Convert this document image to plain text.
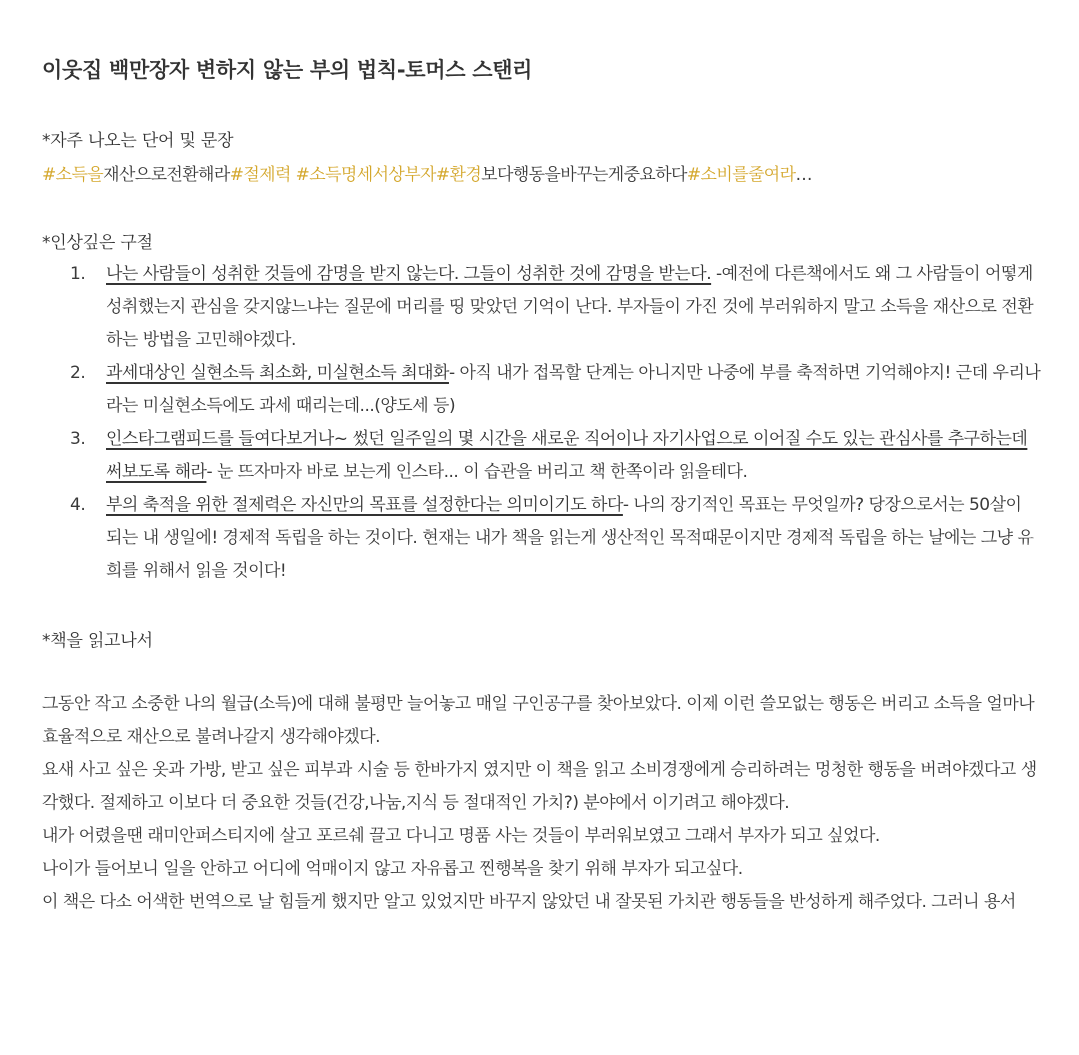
이웃집 백만장자 변하지 않는 부의 법칙-토머스 스탠리
*자주 나오는 단어 및 문장
#소득을재산으로전환해라#절제력 #소득명세서상부자#환경보다행동을바꾸는게중요하다#소비를줄여라…
*인상깊은 구절
1. 나는 사람들이 성취한 것들에 감명을 받지 않는다. 그들이 성취한 것에 감명을 받는다. -예전에 다른책에서도 왜 그 사람들이 어떻게 성취했는지 관심을 갖지않느냐는 질문에 머리를 띵 맞았던 기억이 난다. 부자들이 가진 것에 부러워하지 말고 소득을 재산으로 전환하는 방법을 고민해야겠다.
2. 과세대상인 실현소득 최소화, 미실현소득 최대화- 아직 내가 접목할 단계는 아니지만 나중에 부를 축적하면 기억해야지! 근데 우리나라는 미실현소득에도 과세 때리는데...(양도세 등)
3. 인스타그램피드를 들여다보거나~ 썼던 일주일의 몇 시간을 새로운 직어이나 자기사업으로 이어질 수도 있는 관심사를 추구하는데 써보도록 해라- 눈 뜨자마자 바로 보는게 인스타... 이 습관을 버리고 책 한쪽이라 읽을테다.
4. 부의 축적을 위한 절제력은 자신만의 목표를 설정한다는 의미이기도 하다- 나의 장기적인 목표는 무엇일까? 당장으로서는 50살이 되는 내 생일에! 경제적 독립을 하는 것이다. 현재는 내가 책을 읽는게 생산적인 목적때문이지만 경제적 독립을 하는 날에는 그냥 유희를 위해서 읽을 것이다!
*책을 읽고나서

그동안 작고 소중한 나의 월급(소득)에 대해 불평만 늘어놓고 매일 구인공구를 찾아보았다. 이제 이런 쓸모없는 행동은 버리고 소득을 얼마나 효율적으로 재산으로 불려나갈지 생각해야겠다.

요새 사고 싶은 옷과 가방, 받고 싶은 피부과 시술 등 한바가지 였지만 이 책을 읽고 소비경쟁에게 승리하려는 멍청한 행동을 버려야겠다고 생각했다. 절제하고 이보다 더 중요한 것들(건강,나눔,지식 등 절대적인 가치?) 분야에서 이기려고 해야겠다.

내가 어렸을땐 래미안퍼스티지에 살고 포르쉐 끌고 다니고 명품 사는 것들이 부러워보였고 그래서 부자가 되고 싶었다.

나이가 들어보니 일을 안하고 어디에 억매이지 않고 자유롭고 찐행복을 찾기 위해 부자가 되고싶다.

이 책은 다소 어색한 번역으로 날 힘들게 했지만 알고 있었지만 바꾸지 않았던 내 잘못된 가치관 행동들을 반성하게 해주었다. 그러니 용서
